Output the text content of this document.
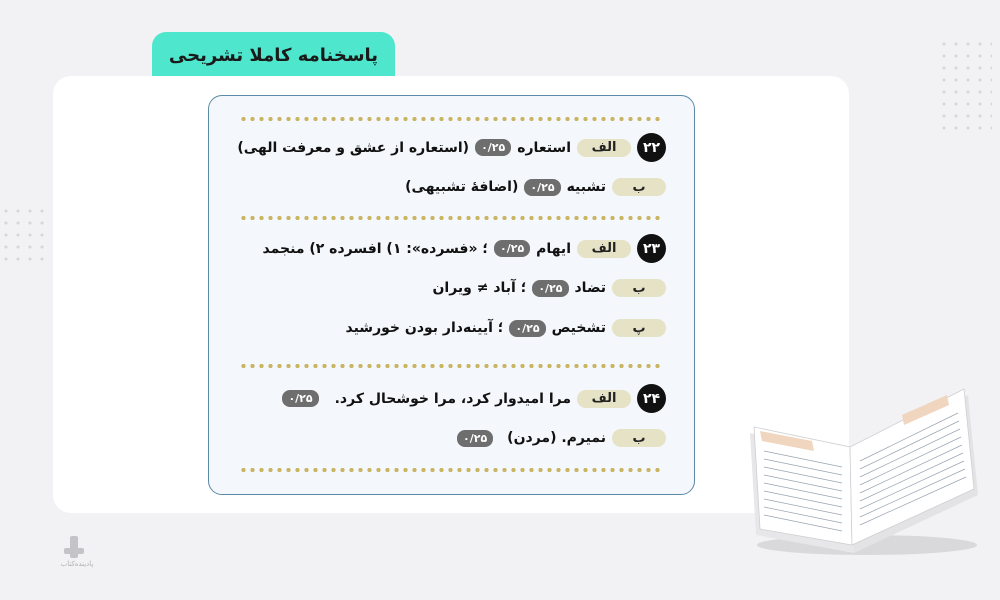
پاسخنامه کاملا تشریحی
۲۲
الف
استعاره
۰/۲۵
(استعاره از عشق و معرفت الهی)
ب
تشبیه
۰/۲۵
(اضافهٔ تشبیهی)
۲۳
الف
ایهام
۰/۲۵
؛ «فسرده»: ۱) افسرده ۲) منجمد
ب
تضاد
۰/۲۵
؛ آباد ≠ ویران
پ
تشخیص
۰/۲۵
؛ آیینه‌دار بودن خورشید
۲۴
الف
مرا امیدوار کرد، مرا خوشحال کرد.
۰/۲۵
ب
نمیرم. (مردن)
۰/۲۵
پادینده‌کتاب
